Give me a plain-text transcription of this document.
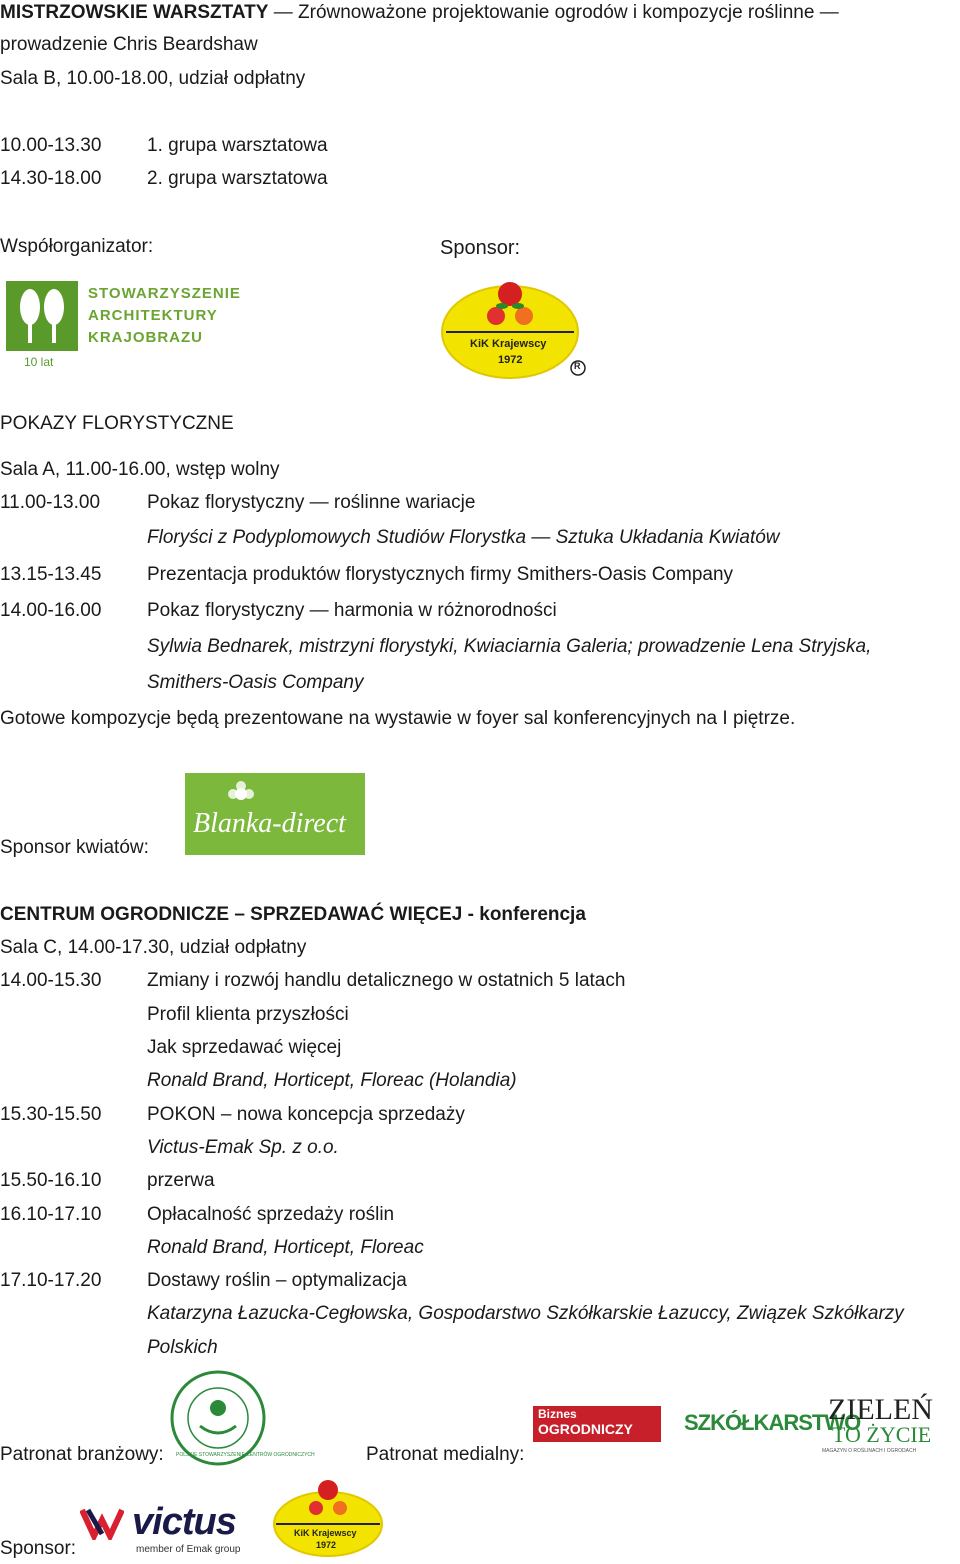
MISTRZOWSKIE WARSZTATY — Zrównoważone projektowanie ogrodów i kompozycje roślinne —
prowadzenie Chris Beardshaw
Sala B, 10.00-18.00, udział odpłatny
10.00-13.30 1. grupa warsztatowa
14.30-18.00 2. grupa warsztatowa
Współorganizator:	Sponsor:
STOWARZYSZENIE
ARCHITEKTURY
KRAJOBRAZU
10 lat
KiK Krajewscy
1972	R
POKAZY FLORYSTYCZNE
Sala A, 11.00-16.00, wstęp wolny
11.00-13.00 Pokaz florystyczny — roślinne wariacje
Floryści z Podyplomowych Studiów Florystka — Sztuka Układania Kwiatów
13.15-13.45 Prezentacja produktów florystycznych firmy Smithers-Oasis Company
14.00-16.00 Pokaz florystyczny — harmonia w różnorodności
Sylwia Bednarek, mistrzyni florystyki, Kwiaciarnia Galeria; prowadzenie Lena Stryjska,
Smithers-Oasis Company
Gotowe kompozycje będą prezentowane na wystawie w foyer sal konferencyjnych na I piętrze.
Sponsor kwiatów:
Blanka-direct
CENTRUM OGRODNICZE – SPRZEDAWAĆ WIĘCEJ - konferencja
Sala C, 14.00-17.30, udział odpłatny
14.00-15.30 Zmiany i rozwój handlu detalicznego w ostatnich 5 latach
Profil klienta przyszłości
Jak sprzedawać więcej
Ronald Brand, Horticept, Floreac (Holandia)
15.30-15.50 POKON – nowa koncepcja sprzedaży
Victus-Emak Sp. z o.o.
15.50-16.10 przerwa
16.10-17.10 Opłacalność sprzedaży roślin
Ronald Brand, Horticept, Floreac
17.10-17.20 Dostawy roślin – optymalizacja
Katarzyna Łazucka-Cegłowska, Gospodarstwo Szkółkarskie Łazuccy, Związek Szkółkarzy
Polskich
Patronat branżowy:	Patronat medialny:
POLSKIE STOWARZYSZENIE CENTRÓW OGRODNICZYCH
Biznes
OGRODNICZY SZKÓŁKARSTWO
ZIELEŃ
TO ŻYCIE
MAGAZYN O ROŚLINACH I OGRODACH
Sponsor:
victus
member of Emak group
KiK Krajewscy
1972
